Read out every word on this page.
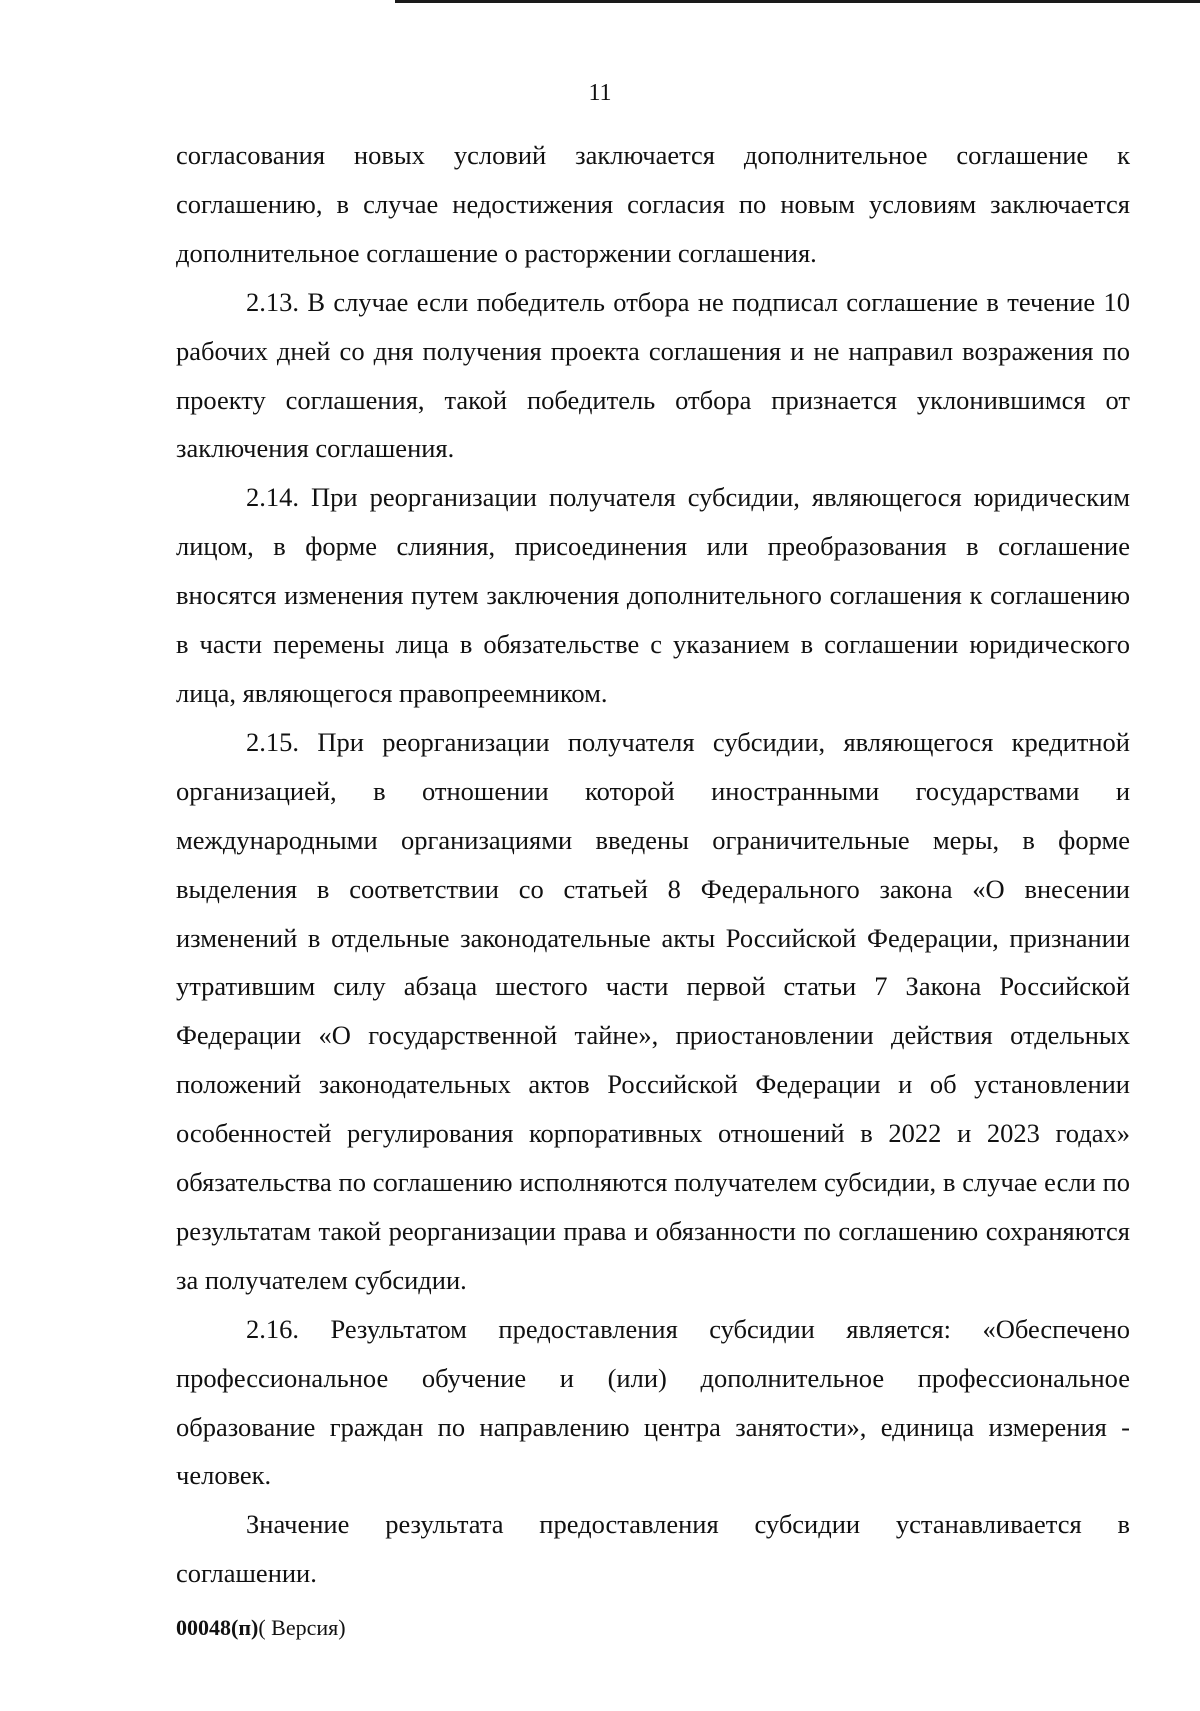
11

согласования новых условий заключается дополнительное соглашение к соглашению, в случае недостижения согласия по новым условиям заключается дополнительное соглашение о расторжении соглашения.

2.13. В случае если победитель отбора не подписал соглашение в течение 10 рабочих дней со дня получения проекта соглашения и не направил возражения по проекту соглашения, такой победитель отбора признается уклонившимся от заключения соглашения.

2.14. При реорганизации получателя субсидии, являющегося юридическим лицом, в форме слияния, присоединения или преобразования в соглашение вносятся изменения путем заключения дополнительного соглашения к соглашению в части перемены лица в обязательстве с указанием в соглашении юридического лица, являющегося правопреемником.

2.15. При реорганизации получателя субсидии, являющегося кредитной организацией, в отношении которой иностранными государствами и международными организациями введены ограничительные меры, в форме выделения в соответствии со статьей 8 Федерального закона «О внесении изменений в отдельные законодательные акты Российской Федерации, признании утратившим силу абзаца шестого части первой статьи 7 Закона Российской Федерации «О государственной тайне», приостановлении действия отдельных положений законодательных актов Российской Федерации и об установлении особенностей регулирования корпоративных отношений в 2022 и 2023 годах» обязательства по соглашению исполняются получателем субсидии, в случае если по результатам такой реорганизации права и обязанности по соглашению сохраняются за получателем субсидии.

2.16. Результатом предоставления субсидии является: «Обеспечено профессиональное обучение и (или) дополнительное профессиональное образование граждан по направлению центра занятости», единица измерения - человек.

Значение результата предоставления субсидии устанавливается в соглашении.

00048(п)( Версия)
